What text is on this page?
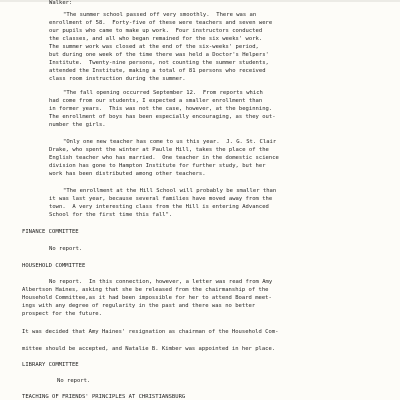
Walker:
"The summer school passed off very smoothly.  There was an
enrollment of 58.  Forty-five of these were teachers and seven were
our pupils who came to make up work.  Four instructors conducted
the classes, and all who began remained for the six weeks' work.
The summer work was closed at the end of the six-weeks' period,
but during one week of the time there was held a Doctor's Helpers'
Institute.  Twenty-nine persons, not counting the summer students,
attended the Institute, making a total of 81 persons who received
class room instruction during the summer.
"The fall opening occurred September 12.  From reports which
had come from our students, I expected a smaller enrollment than
in former years.  This was not the case, however, at the beginning.
The enrollment of boys has been especially encouraging, as they out-
number the girls.
"Only one new teacher has come to us this year.  J. G. St. Clair
Drake, who spent the winter at Paulle Hill, takes the place of the
English teacher who has married.  One teacher in the domestic science
division has gone to Hampton Institute for further study, but her
work has been distributed among other teachers.
"The enrollment at the Hill School will probably be smaller than
it was last year, because several families have moved away from the
town.  A very interesting class from the Hill is entering Advanced
School for the first time this fall".
FINANCE COMMITTEE
No report.
HOUSEHOLD COMMITTEE
No report.  In this connection, however, a letter was read from Amy
Albertson Haines, asking that she be released from the chairmanship of the
Household Committee,as it had been impossible for her to attend Board meet-
ings with any degree of regularity in the past and there was no better
prospect for the future.
It was decided that Amy Haines' resignation as chairman of the Household Com-
mittee should be accepted, and Natalie B. Kimber was appointed in her place.
LIBRARY COMMITTEE
No report.
TEACHING OF FRIENDS' PRINCIPLES AT CHRISTIANSBURG
